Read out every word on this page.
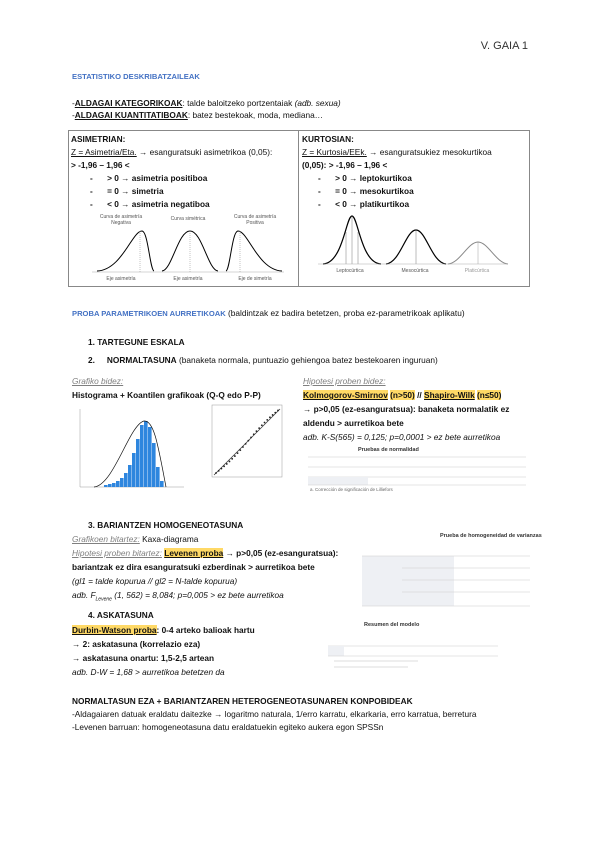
V. GAIA 1
ESTATISTIKO DESKRIBATZAILEAK
-ALDAGAI KATEGORIKOAK: talde baloitzeko portzentaiak (adb. sexua)
-ALDAGAI KUANTITATIBOAK: batez bestekoak, moda, mediana…
ASIMETRIAN:
Z = Asimetria/Eta. → esanguratsuki asimetrikoa (0,05):
> -1,96 – 1,96 <
- > 0 → asimetria positiboa
- = 0 → simetria
- < 0 → asimetria negatiboa
Curva de asimetría Negativa
Curva simétrica	Curva de asimetría Positiva
Eje asimetría	Eje asimetría	Eje de simetría
KURTOSIAN:
Z = Kurtosia/EEk. → esanguratsukiez mesokurtikoa
(0,05): > -1,96 – 1,96 <
- > 0 → leptokurtikoa
- = 0 → mesokurtikoa
- < 0 → platikurtikoa
Leptocúrtica	Mesocúrtica	Platicúrtica
PROBA PARAMETRIKOEN AURRETIKOAK (baldintzak ez badira betetzen, proba ez-parametrikoak aplikatu)
1. TARTEGUNE ESKALA
2. NORMALTASUNA (banaketa normala, puntuazio gehiengoa batez bestekoaren inguruan)
Grafiko bidez:
Histograma + Koantilen grafikoak (Q-Q edo P-P)
Hipotesi proben bidez:
Kolmogorov-Smirnov (n>50) // Shapiro-Wilk (n≤50)
→ p>0,05 (ez-esanguratsua): banaketa normalatik ez
aldendu > aurretikoa bete
adb. K-S(565) = 0,125; p=0,0001 > ez bete aurretikoa
Pruebas de normalidad
a. Corrección de significación de Lilliefors
3. BARIANTZEN HOMOGENEOTASUNA
Grafikoen bitartez: Kaxa-diagrama
Hipotesi proben bitartez: Levenen proba → p>0,05 (ez-esanguratsua):
bariantzak ez dira esanguratsuki ezberdinak > aurretikoa bete
(gl1 = talde kopurua // gl2 = N-talde kopurua)
adb. $F_{Levene}$ (1, 562) = 8,084; p=0,005 > ez bete aurretikoa
Prueba de homogeneidad de varianzas
4. ASKATASUNA
Durbin-Watson proba: 0-4 arteko balioak hartu
→ 2: askatasuna (korrelazio eza)
→ askatasuna onartu: 1,5-2,5 artean
adb. D-W = 1,68 > aurretikoa betetzen da
Resumen del modelo
NORMALTASUN EZA + BARIANTZAREN HETEROGENEOTASUNAREN KONPOBIDEAK
-Aldagaiaren datuak eraldatu daitezke → logaritmo naturala, 1/erro karratu, elkarkaria, erro karratua, berretura
-Levenen barruan: homogeneotasuna datu eraldatuekin egiteko aukera egon SPSSn
